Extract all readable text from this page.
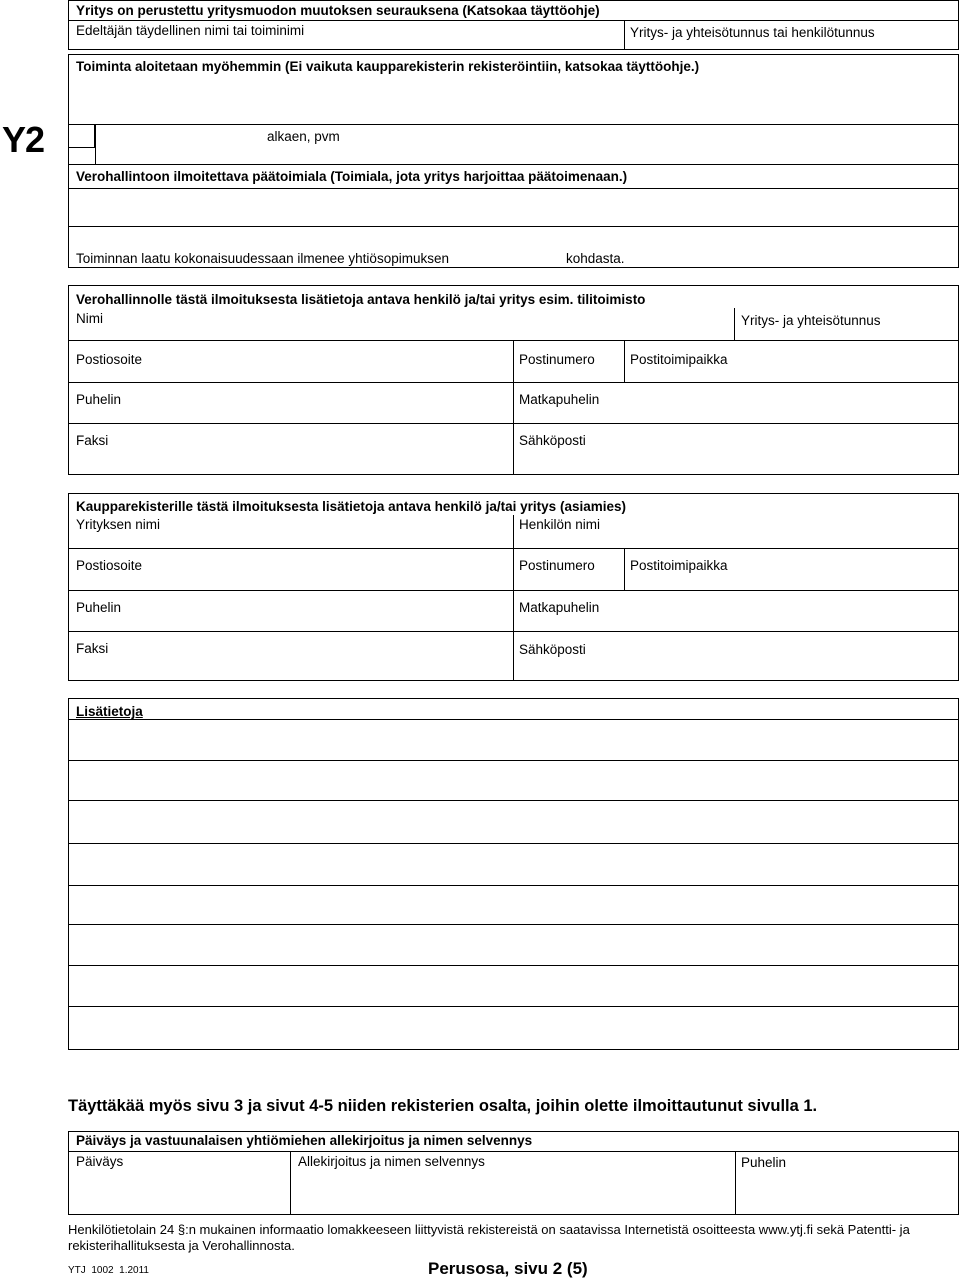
Yritys on perustettu yritysmuodon muutoksen seurauksena (Katsokaa täyttöohje)
Edeltäjän täydellinen nimi tai toiminimi	Yritys- ja yhteisötunnus tai henkilötunnus
Y2
Toiminta aloitetaan myöhemmin (Ei vaikuta kaupparekisterin rekisteröintiin, katsokaa täyttöohje.)
alkaen, pvm
Verohallintoon ilmoitettava päätoimiala (Toimiala, jota yritys harjoittaa päätoimenaan.)
Toiminnan laatu kokonaisuudessaan ilmenee yhtiösopimuksen	kohdasta.
Verohallinnolle tästä ilmoituksesta lisätietoja antava henkilö ja/tai yritys esim. tilitoimisto
Nimi	Yritys- ja yhteisötunnus
Postiosoite	Postinumero	Postitoimipaikka
Puhelin	Matkapuhelin
Faksi	Sähköposti
Kaupparekisterille tästä ilmoituksesta lisätietoja antava henkilö ja/tai yritys (asiamies)
Yrityksen nimi	Henkilön nimi
Postiosoite	Postinumero	Postitoimipaikka
Puhelin	Matkapuhelin
Faksi	Sähköposti
Lisätietoja
Täyttäkää myös sivu 3 ja sivut 4-5 niiden rekisterien osalta, joihin olette ilmoittautunut sivulla 1.
Päiväys ja vastuunalaisen yhtiömiehen allekirjoitus ja nimen selvennys
Päiväys	Allekirjoitus ja nimen selvennys	Puhelin
Henkilötietolain 24 §:n mukainen informaatio lomakkeeseen liittyvistä rekistereistä on saatavissa Internetistä osoitteesta www.ytj.fi sekä Patentti- ja
rekisterihallituksesta ja Verohallinnosta.
YTJ  1002  1.2011	Perusosa, sivu 2 (5)
